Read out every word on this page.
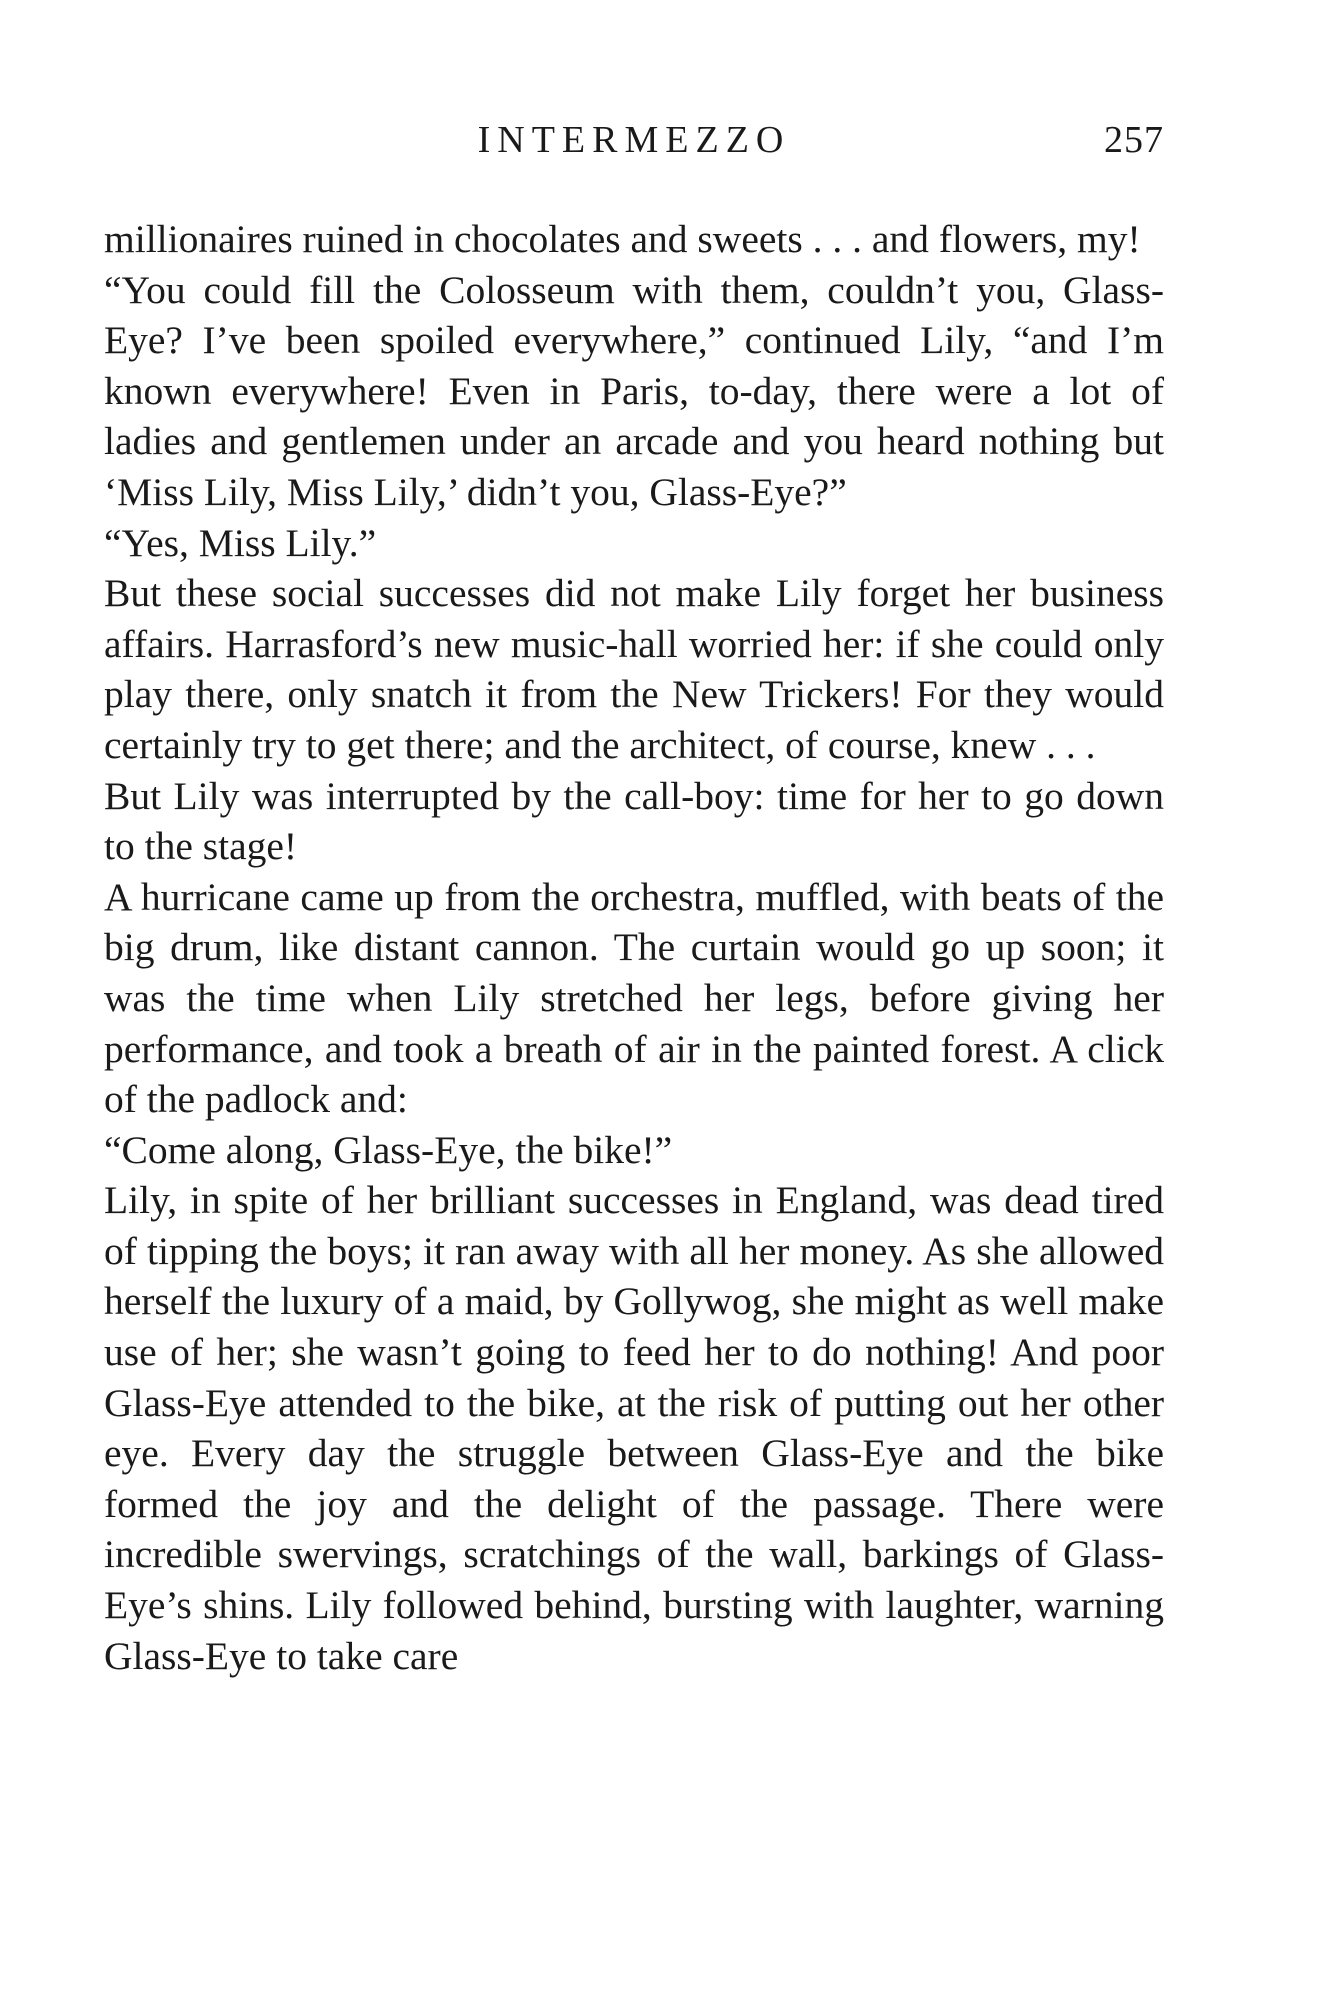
INTERMEZZO	257

millionaires ruined in chocolates and sweets . . . and flowers, my!

“You could fill the Colosseum with them, couldn’t you, Glass-Eye? I’ve been spoiled everywhere,” continued Lily, “and I’m known everywhere! Even in Paris, to-day, there were a lot of ladies and gentlemen under an arcade and you heard nothing but ‘Miss Lily, Miss Lily,’ didn’t you, Glass-Eye?”

“Yes, Miss Lily.”

But these social successes did not make Lily forget her business affairs. Harrasford’s new music-hall worried her: if she could only play there, only snatch it from the New Trickers! For they would certainly try to get there; and the architect, of course, knew . . .

But Lily was interrupted by the call-boy: time for her to go down to the stage!

A hurricane came up from the orchestra, muffled, with beats of the big drum, like distant cannon. The curtain would go up soon; it was the time when Lily stretched her legs, before giving her performance, and took a breath of air in the painted forest. A click of the padlock and:

“Come along, Glass-Eye, the bike!”

Lily, in spite of her brilliant successes in England, was dead tired of tipping the boys; it ran away with all her money. As she allowed herself the luxury of a maid, by Gollywog, she might as well make use of her; she wasn’t going to feed her to do nothing! And poor Glass-Eye attended to the bike, at the risk of putting out her other eye. Every day the struggle between Glass-Eye and the bike formed the joy and the delight of the passage. There were incredible swervings, scratchings of the wall, barkings of Glass-Eye’s shins. Lily followed behind, bursting with laughter, warning Glass-Eye to take care
